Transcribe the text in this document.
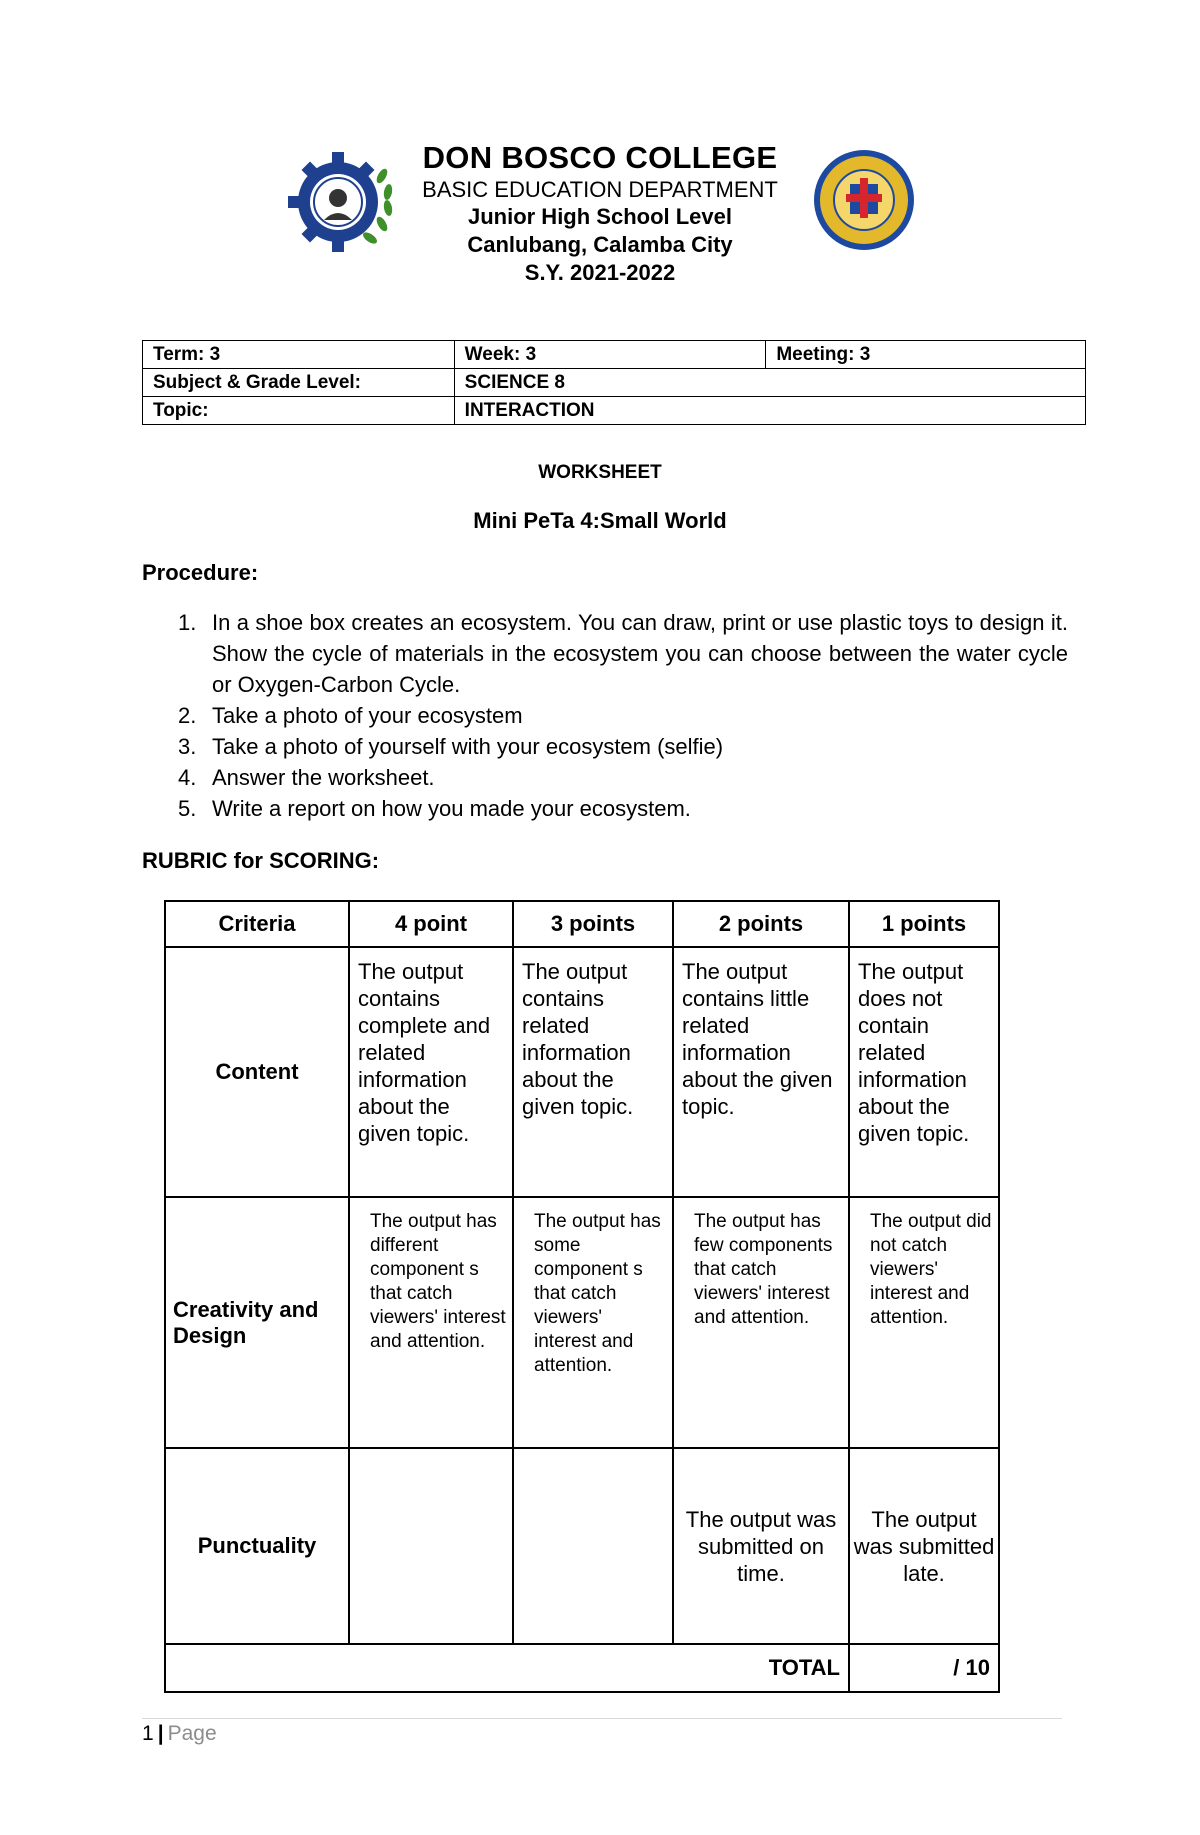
DON BOSCO COLLEGE
BASIC EDUCATION DEPARTMENT
Junior High School Level
Canlubang, Calamba City
S.Y. 2021-2022
Term: 3	Week: 3	Meeting: 3
Subject & Grade Level:	SCIENCE 8	
Topic:	INTERACTION	
WORKSHEET
Mini PeTa 4:Small World
Procedure:
1. In a shoe box creates an ecosystem. You can draw, print or use plastic toys to design it. Show the cycle of materials in the ecosystem you can choose between the water cycle or Oxygen-Carbon Cycle.
2. Take a photo of your ecosystem
3. Take a photo of yourself with your ecosystem (selfie)
4. Answer the worksheet.
5. Write a report on how you made your ecosystem.
RUBRIC for SCORING:
Criteria	4 point	3 points	2 points	1 points
Content	The output contains complete and related information about the given topic.	The output contains related information about the given topic.	The output contains little related information about the given topic.	The output does not contain related information about the given topic.
Creativity and Design	The output has different component s that catch viewers' interest and attention.	The output has some component s that catch viewers' interest and attention.	The output has few components that catch viewers' interest and attention.	The output did not catch viewers' interest and attention.
Punctuality			The output was submitted on time.	The output was submitted late.
TOTAL				/ 10
1 | Page
